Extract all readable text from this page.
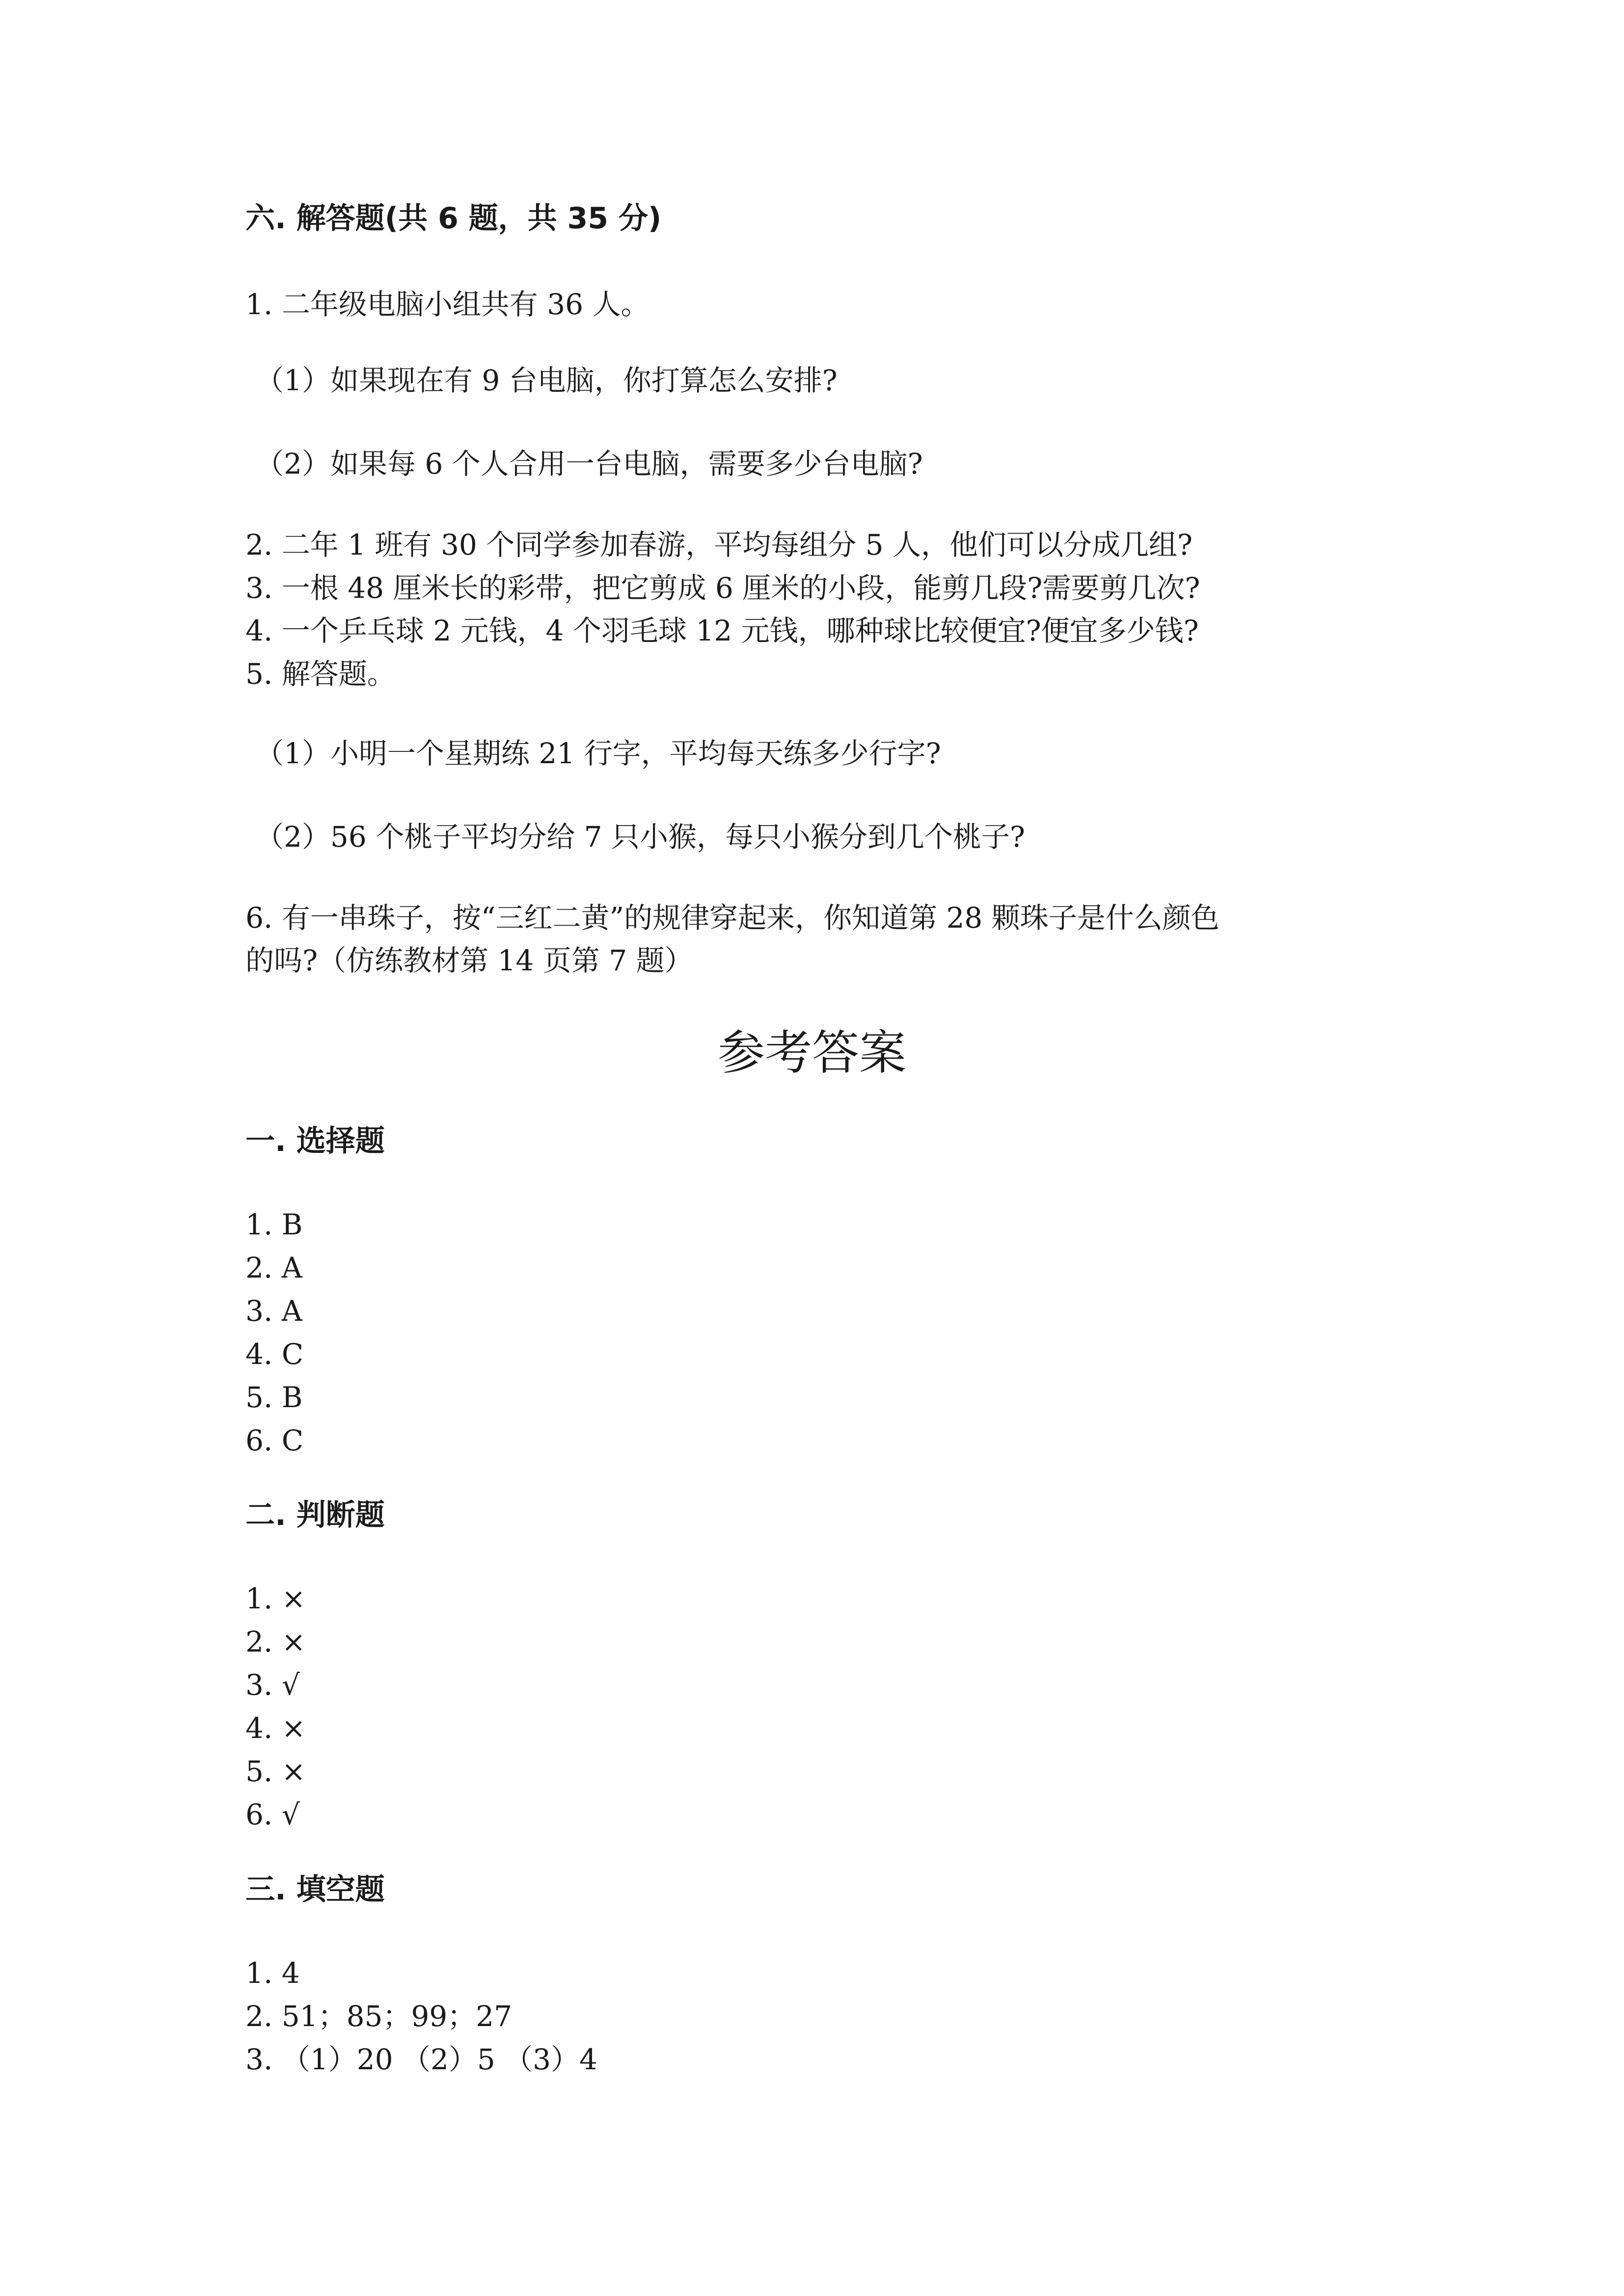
六. 解答题(共 6 题，共 35 分)
1. 二年级电脑小组共有 36 人。
（1）如果现在有 9 台电脑，你打算怎么安排?
（2）如果每 6 个人合用一台电脑，需要多少台电脑?
2. 二年 1 班有 30 个同学参加春游，平均每组分 5 人，他们可以分成几组?
3. 一根 48 厘米长的彩带，把它剪成 6 厘米的小段，能剪几段?需要剪几次?
4. 一个乒乓球 2 元钱，4 个羽毛球 12 元钱，哪种球比较便宜?便宜多少钱?
5. 解答题。
（1）小明一个星期练 21 行字，平均每天练多少行字?
（2）56 个桃子平均分给 7 只小猴，每只小猴分到几个桃子?
6. 有一串珠子，按“三红二黄”的规律穿起来，你知道第 28 颗珠子是什么颜色
的吗?（仿练教材第 14 页第 7 题）
参考答案
一. 选择题
1. B
2. A
3. A
4. C
5. B
6. C
二. 判断题
1. ×
2. ×
3. √
4. ×
5. ×
6. √
三. 填空题
1. 4
2. 51；85；99；27
3. （1）20 （2）5 （3）4
